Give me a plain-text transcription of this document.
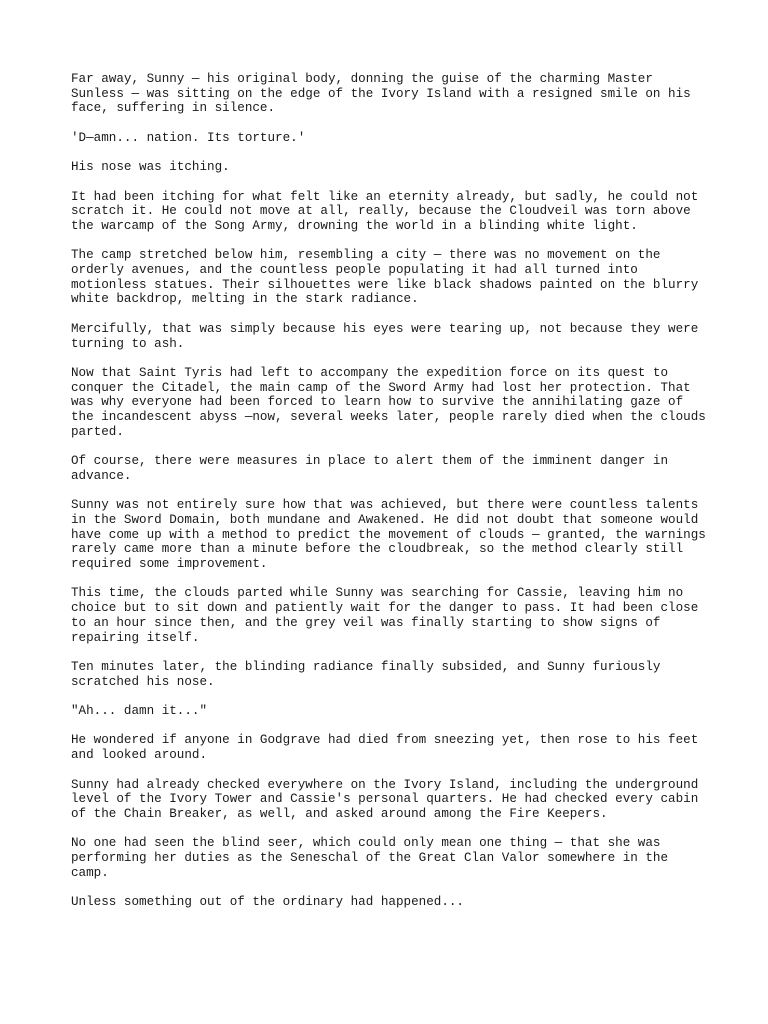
Far away, Sunny — his original body, donning the guise of the charming Master Sunless — was sitting on the edge of the Ivory Island with a resigned smile on his face, suffering in silence.

'D—amn... nation. Its torture.'

His nose was itching.

It had been itching for what felt like an eternity already, but sadly, he could not scratch it. He could not move at all, really, because the Cloudveil was torn above the warcamp of the Song Army, drowning the world in a blinding white light.

The camp stretched below him, resembling a city — there was no movement on the orderly avenues, and the countless people populating it had all turned into motionless statues. Their silhouettes were like black shadows painted on the blurry white backdrop, melting in the stark radiance.

Mercifully, that was simply because his eyes were tearing up, not because they were turning to ash.

Now that Saint Tyris had left to accompany the expedition force on its quest to conquer the Citadel, the main camp of the Sword Army had lost her protection. That was why everyone had been forced to learn how to survive the annihilating gaze of the incandescent abyss —now, several weeks later, people rarely died when the clouds parted.

Of course, there were measures in place to alert them of the imminent danger in advance.

Sunny was not entirely sure how that was achieved, but there were countless talents in the Sword Domain, both mundane and Awakened. He did not doubt that someone would have come up with a method to predict the movement of clouds — granted, the warnings rarely came more than a minute before the cloudbreak, so the method clearly still required some improvement.

This time, the clouds parted while Sunny was searching for Cassie, leaving him no choice but to sit down and patiently wait for the danger to pass. It had been close to an hour since then, and the grey veil was finally starting to show signs of repairing itself.

Ten minutes later, the blinding radiance finally subsided, and Sunny furiously scratched his nose.

"Ah... damn it..."

He wondered if anyone in Godgrave had died from sneezing yet, then rose to his feet and looked around.

Sunny had already checked everywhere on the Ivory Island, including the underground level of the Ivory Tower and Cassie's personal quarters. He had checked every cabin of the Chain Breaker, as well, and asked around among the Fire Keepers.

No one had seen the blind seer, which could only mean one thing — that she was performing her duties as the Seneschal of the Great Clan Valor somewhere in the camp.

Unless something out of the ordinary had happened...
